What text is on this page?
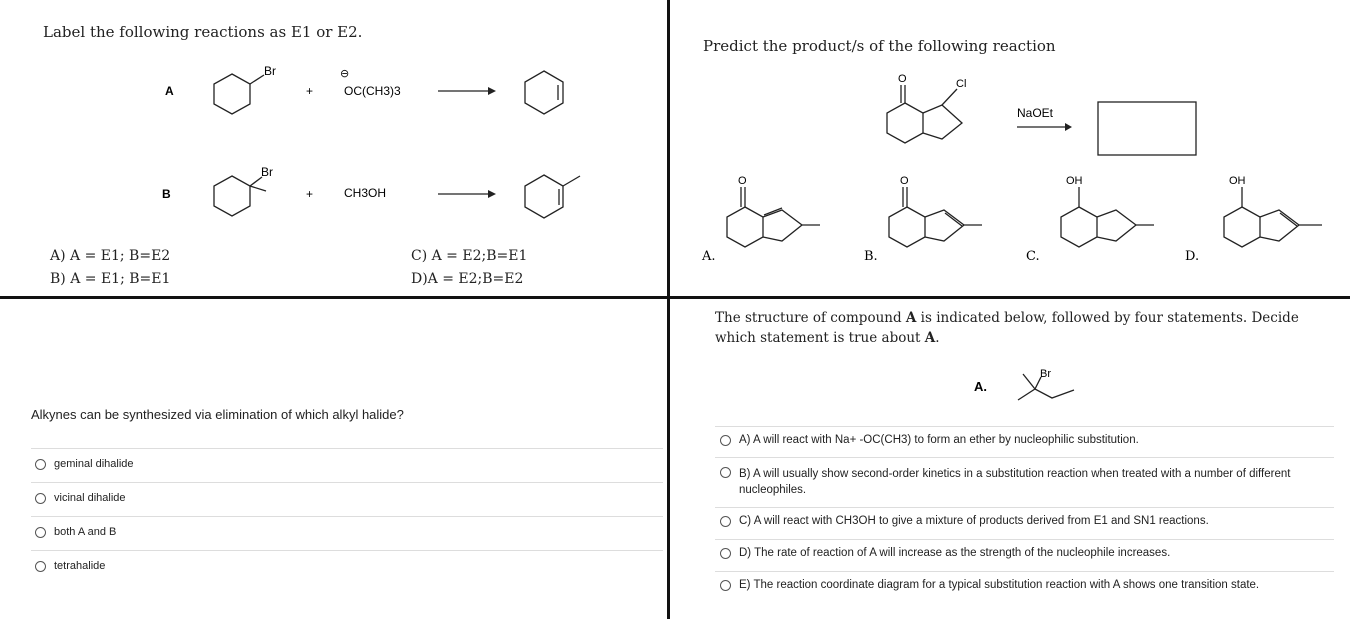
Label the following reactions as E1 or E2.
A
Br
+
⊖
OC(CH3)3
B
Br
+	CH3OH
A) A = E1; B=E2
B) A = E1; B=E1
C) A = E2;B=E1
D)A = E2;B=E2
Predict the product/s of the following reaction
O	Cl
NaOEt
A.
O
B.
O
C.
OH
D.
OH
Alkynes can be synthesized via elimination of which alkyl halide?
geminal dihalide
vicinal dihalide
both A and B
tetrahalide
The structure of compound A is indicated below, followed by four statements. Decide which statement is true about A.
A.
Br
A) A will react with Na+ -OC(CH3) to form an ether by nucleophilic substitution.
B) A will usually show second-order kinetics in a substitution reaction when treated with a number of different nucleophiles.
C) A will react with CH3OH to give a mixture of products derived from E1 and SN1 reactions.
D) The rate of reaction of A will increase as the strength of the nucleophile increases.
E) The reaction coordinate diagram for a typical substitution reaction with A shows one transition state.
